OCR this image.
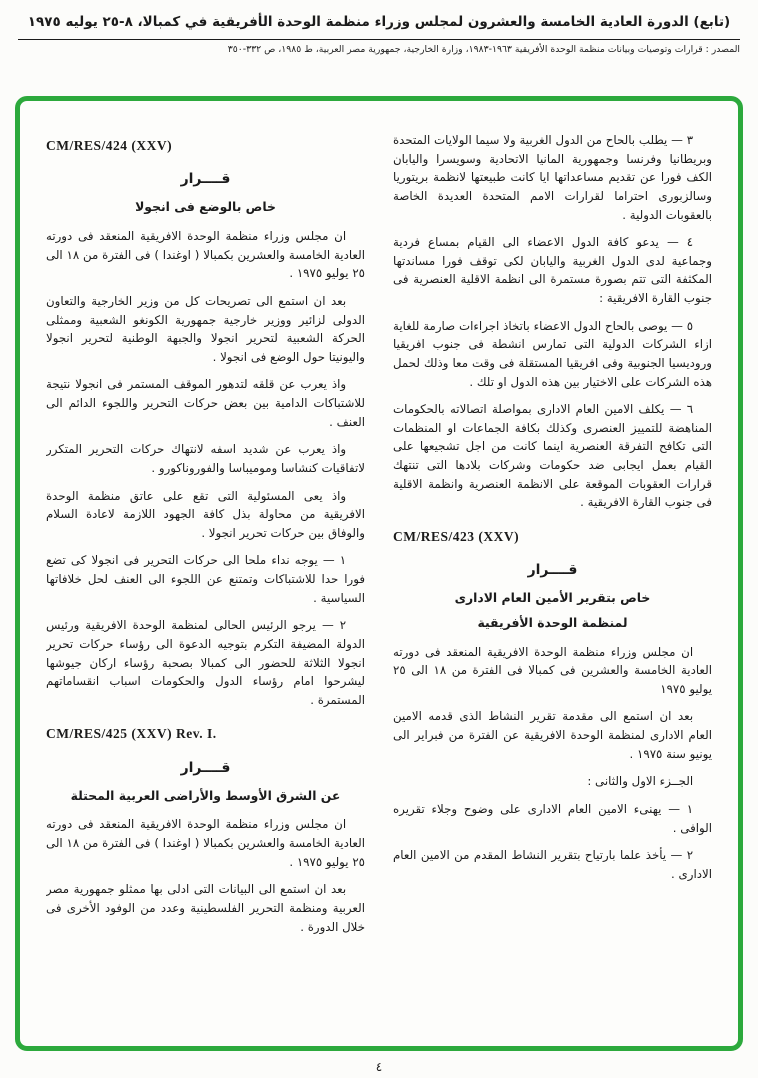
(تابع) الدورة العادية الخامسة والعشرون لمجلس وزراء منظمة الوحدة الأفريقية في كمبالا، ٨-٢٥ يوليه ١٩٧٥
المصدر : قرارات وتوصيات وبيانات منظمة الوحدة الأفريقية ١٩٦٣-١٩٨٣، وزارة الخارجية، جمهورية مصر العربية، ط ١٩٨٥، ص ٣٣٢-٣٥٠
٣ — يطلب بالحاح من الدول الغربية ولا سيما الولايات المتحدة وبريطانيا وفرنسا وجمهورية المانيا الاتحادية وسويسرا واليابان الكف فورا عن تقديم مساعداتها ايا كانت طبيعتها لانظمة بريتوريا وسالزبورى احتراما لقرارات الامم المتحدة العديدة الخاصة بالعقوبات الدولية .
٤ — يدعو كافة الدول الاعضاء الى القيام بمساع فردية وجماعية لدى الدول الغربية واليابان لكى توقف فورا مساندتها المكثفة التى تتم بصورة مستمرة الى انظمة الاقلية العنصرية فى جنوب القارة الافريقية :
٥ — يوصى بالحاح الدول الاعضاء باتخاذ اجراءات صارمة للغاية ازاء الشركات الدولية التى تمارس انشطة فى جنوب افريقيا وروديسيا الجنوبية وفى افريقيا المستقلة فى وقت معا وذلك لحمل هذه الشركات على الاختيار بين هذه الدول او تلك .
٦ — يكلف الامين العام الادارى بمواصلة اتصالاته بالحكومات المناهضة للتمييز العنصرى وكذلك بكافة الجماعات او المنظمات التى تكافح التفرقة العنصرية اينما كانت من اجل تشجيعها على القيام بعمل ايجابى ضد حكومات وشركات بلادها التى تنتهك قرارات العقوبات الموقعة على الانظمة العنصرية وانظمة الاقلية فى جنوب القارة الافريقية .
CM/RES/423 (XXV)
قــــرار
خاص بتقرير الأمين العام الادارى
لمنظمة الوحدة الأفريقية
ان مجلس وزراء منظمة الوحدة الافريقية المنعقد فى دورته العادية الخامسة والعشرين فى كمبالا فى الفترة من ١٨ الى ٢٥ يوليو ١٩٧٥
بعد ان استمع الى مقدمة تقرير النشاط الذى قدمه الامين العام الادارى لمنظمة الوحدة الافريقية عن الفترة من فبراير الى يونيو سنة ١٩٧٥ .
الجــزء الاول والثانى :
١ — يهنىء الامين العام الادارى على وضوح وجلاء تقريره الوافى .
٢ — يأخذ علما بارتياح بتقرير النشاط المقدم من الامين العام الادارى .
CM/RES/424 (XXV)
قــــرار
خاص بالوضع فى انجولا
ان مجلس وزراء منظمة الوحدة الافريقية المنعقد فى دورته العادية الخامسة والعشرين بكمبالا ( اوغندا ) فى الفترة من ١٨ الى ٢٥ يوليو ١٩٧٥ .
بعد ان استمع الى تصريحات كل من وزير الخارجية والتعاون الدولى لزائير ووزير خارجية جمهورية الكونغو الشعبية وممثلى الحركة الشعبية لتحرير انجولا والجبهة الوطنية لتحرير انجولا واليونيتا حول الوضع فى انجولا .
واذ يعرب عن قلقه لتدهور الموقف المستمر فى انجولا نتيجة للاشتباكات الدامية بين بعض حركات التحرير واللجوء الدائم الى العنف .
واذ يعرب عن شديد اسفه لانتهاك حركات التحرير المتكرر لاتفاقيات كنشاسا وموميباسا والفوروناكورو .
واذ يعى المسئولية التى تقع على عاتق منظمة الوحدة الافريقية من محاولة بذل كافة الجهود اللازمة لاعادة السلام والوفاق بين حركات تحرير انجولا .
١ — يوجه نداء ملحا الى حركات التحرير فى انجولا كى تضع فورا حدا للاشتباكات وتمتنع عن اللجوء الى العنف لحل خلافاتها السياسية .
٢ — يرجو الرئيس الحالى لمنظمة الوحدة الافريقية ورئيس الدولة المضيفة التكرم بتوجيه الدعوة الى رؤساء حركات تحرير انجولا الثلاثة للحضور الى كمبالا بصحبة رؤساء اركان جيوشها ليشرحوا امام رؤساء الدول والحكومات اسباب انقساماتهم المستمرة .
CM/RES/425 (XXV) Rev. I.
قــــرار
عن الشرق الأوسط والأراضى العربية المحتلة
ان مجلس وزراء منظمة الوحدة الافريقية المنعقد فى دورته العادية الخامسة والعشرين بكمبالا ( اوغندا ) فى الفترة من ١٨ الى ٢٥ يوليو ١٩٧٥ .
بعد ان استمع الى البيانات التى ادلى بها ممثلو جمهورية مصر العربية ومنظمة التحرير الفلسطينية وعدد من الوفود الأخرى فى خلال الدورة .
٤
